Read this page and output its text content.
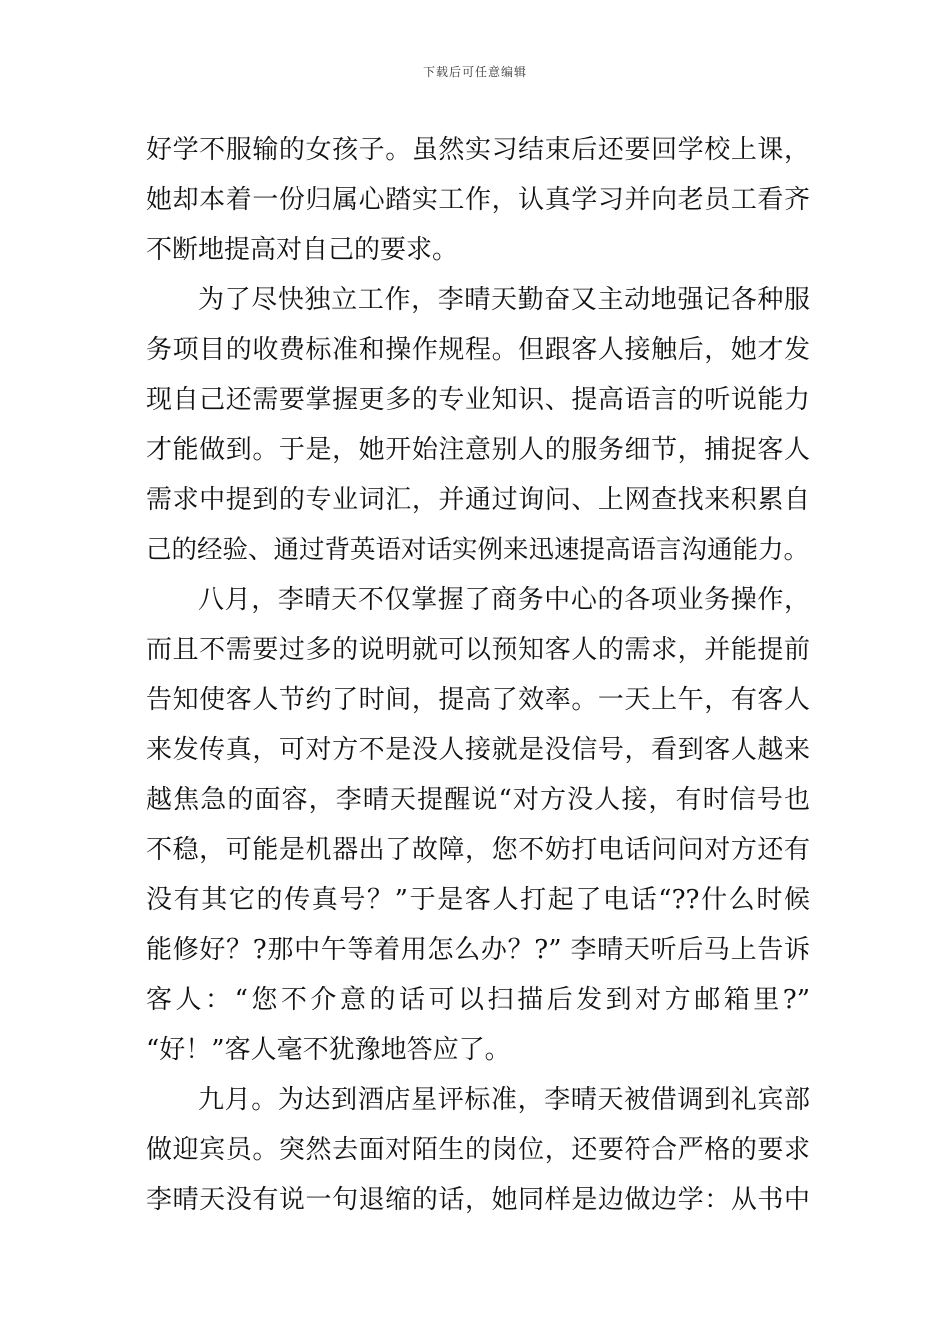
下载后可任意编辑
好学不服输的女孩子。虽然实习结束后还要回学校上课，
她却本着一份归属心踏实工作，认真学习并向老员工看齐
不断地提高对自己的要求。
为了尽快独立工作，李晴天勤奋又主动地强记各种服
务项目的收费标准和操作规程。但跟客人接触后，她才发
现自己还需要掌握更多的专业知识、提高语言的听说能力
才能做到。于是，她开始注意别人的服务细节，捕捉客人
需求中提到的专业词汇，并通过询问、上网查找来积累自
己的经验、通过背英语对话实例来迅速提高语言沟通能力。
八月，李晴天不仅掌握了商务中心的各项业务操作，
而且不需要过多的说明就可以预知客人的需求，并能提前
告知使客人节约了时间，提高了效率。一天上午，有客人
来发传真，可对方不是没人接就是没信号，看到客人越来
越焦急的面容，李晴天提醒说“对方没人接，有时信号也
不稳，可能是机器出了故障，您不妨打电话问问对方还有
没有其它的传真号？”于是客人打起了电话“??什么时候
能修好？?那中午等着用怎么办？?” 李晴天听后马上告诉
客人：“您不介意的话可以扫描后发到对方邮箱里?”
“好！”客人毫不犹豫地答应了。
九月。为达到酒店星评标准，李晴天被借调到礼宾部
做迎宾员。突然去面对陌生的岗位，还要符合严格的要求
李晴天没有说一句退缩的话，她同样是边做边学：从书中
